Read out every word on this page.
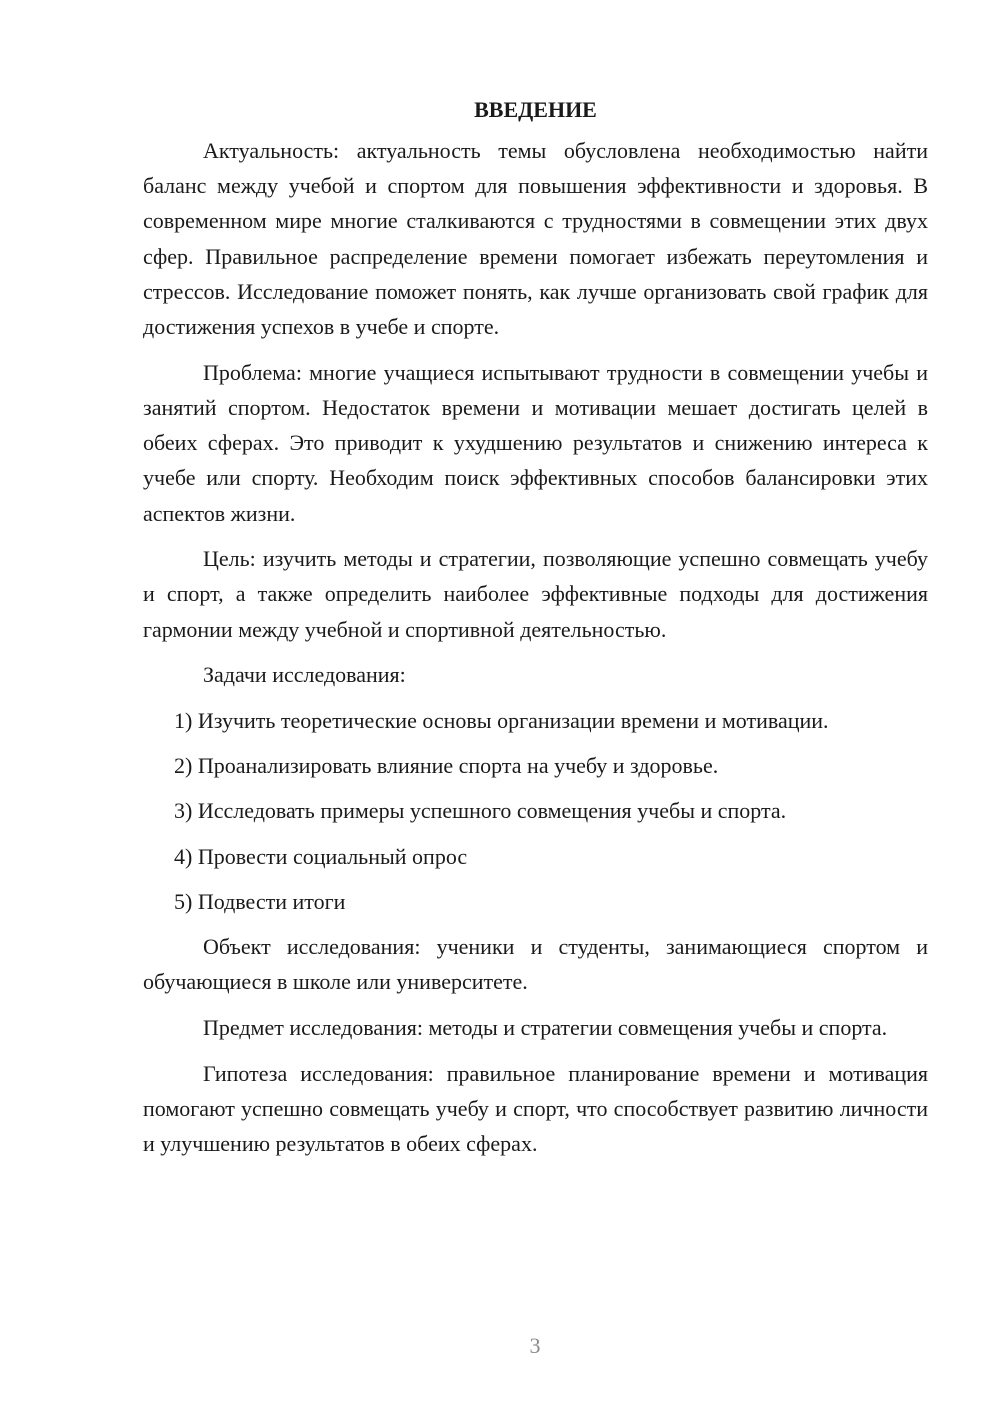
ВВЕДЕНИЕ

Актуальность: актуальность темы обусловлена необходимостью найти баланс между учебой и спортом для повышения эффективности и здоровья. В современном мире многие сталкиваются с трудностями в совмещении этих двух сфер. Правильное распределение времени помогает избежать переутомления и стрессов. Исследование поможет понять, как лучше организовать свой график для достижения успехов в учебе и спорте.

Проблема: многие учащиеся испытывают трудности в совмещении учебы и занятий спортом. Недостаток времени и мотивации мешает достигать целей в обеих сферах. Это приводит к ухудшению результатов и снижению интереса к учебе или спорту. Необходим поиск эффективных способов балансировки этих аспектов жизни.

Цель: изучить методы и стратегии, позволяющие успешно совмещать учебу и спорт, а также определить наиболее эффективные подходы для достижения гармонии между учебной и спортивной деятельностью.

Задачи исследования:

1) Изучить теоретические основы организации времени и мотивации.
2) Проанализировать влияние спорта на учебу и здоровье.
3) Исследовать примеры успешного совмещения учебы и спорта.
4) Провести социальный опрос
5) Подвести итоги

Объект исследования: ученики и студенты, занимающиеся спортом и обучающиеся в школе или университете.

Предмет исследования: методы и стратегии совмещения учебы и спорта.

Гипотеза исследования: правильное планирование времени и мотивация помогают успешно совмещать учебу и спорт, что способствует развитию личности и улучшению результатов в обеих сферах.

3
